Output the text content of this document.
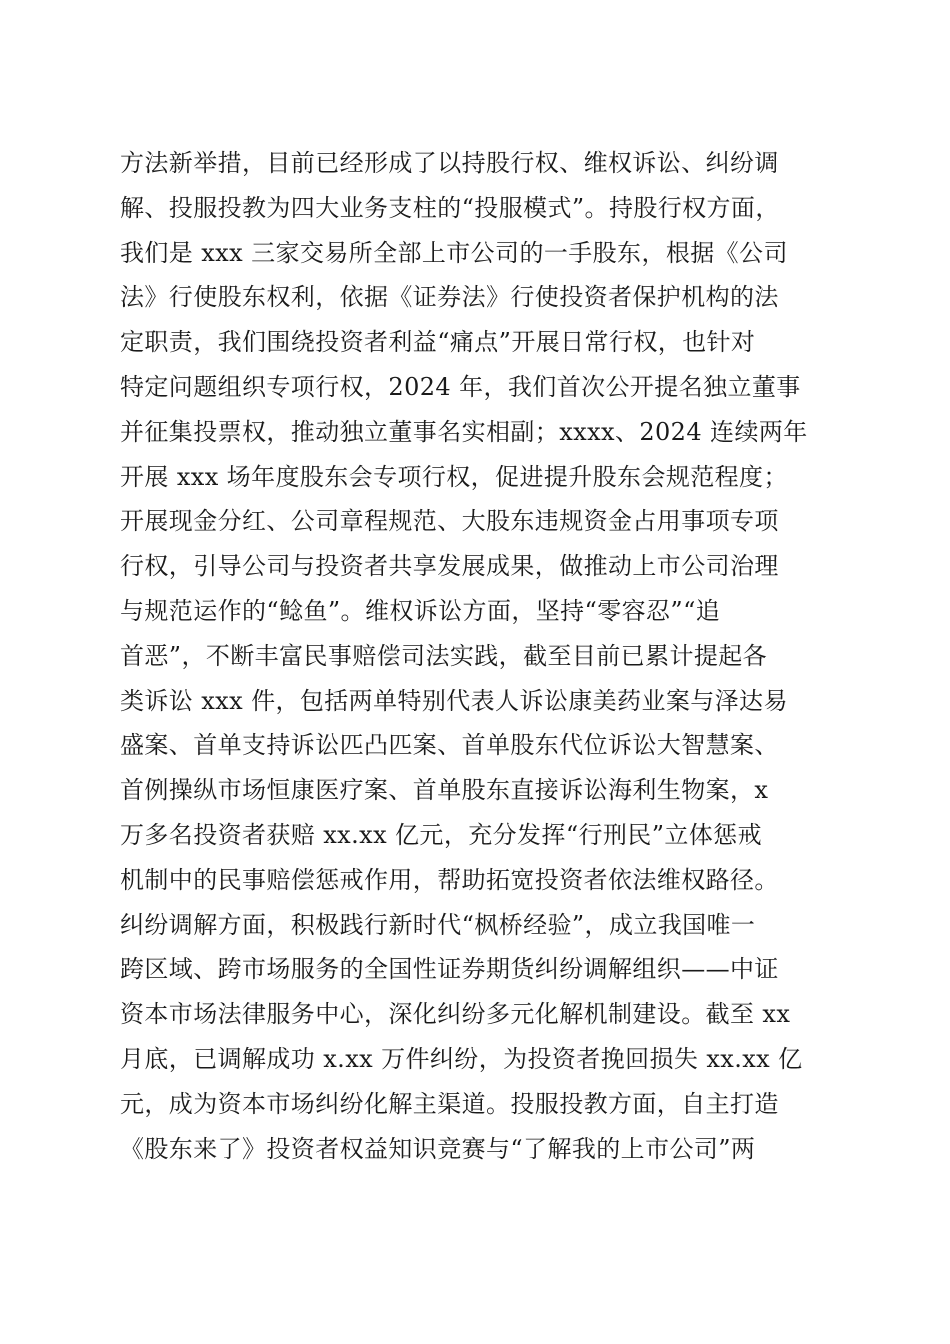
方法新举措，目前已经形成了以持股行权、维权诉讼、纠纷调
解、投服投教为四大业务支柱的“投服模式”。持股行权方面，
我们是 xxx 三家交易所全部上市公司的一手股东，根据《公司
法》行使股东权利，依据《证券法》行使投资者保护机构的法
定职责，我们围绕投资者利益“痛点”开展日常行权，也针对
特定问题组织专项行权，2024 年，我们首次公开提名独立董事
并征集投票权，推动独立董事名实相副；xxxx、2024 连续两年
开展 xxx 场年度股东会专项行权，促进提升股东会规范程度；
开展现金分红、公司章程规范、大股东违规资金占用事项专项
行权，引导公司与投资者共享发展成果，做推动上市公司治理
与规范运作的“鲶鱼”。维权诉讼方面，坚持“零容忍”“追
首恶”，不断丰富民事赔偿司法实践，截至目前已累计提起各
类诉讼 xxx 件，包括两单特别代表人诉讼康美药业案与泽达易
盛案、首单支持诉讼匹凸匹案、首单股东代位诉讼大智慧案、
首例操纵市场恒康医疗案、首单股东直接诉讼海利生物案，x
万多名投资者获赔 xx.xx 亿元，充分发挥“行刑民”立体惩戒
机制中的民事赔偿惩戒作用，帮助拓宽投资者依法维权路径。
纠纷调解方面，积极践行新时代“枫桥经验”，成立我国唯一
跨区域、跨市场服务的全国性证券期货纠纷调解组织——中证
资本市场法律服务中心，深化纠纷多元化解机制建设。截至 xx
月底，已调解成功 x.xx 万件纠纷，为投资者挽回损失 xx.xx 亿
元，成为资本市场纠纷化解主渠道。投服投教方面，自主打造
《股东来了》投资者权益知识竞赛与“了解我的上市公司”两
